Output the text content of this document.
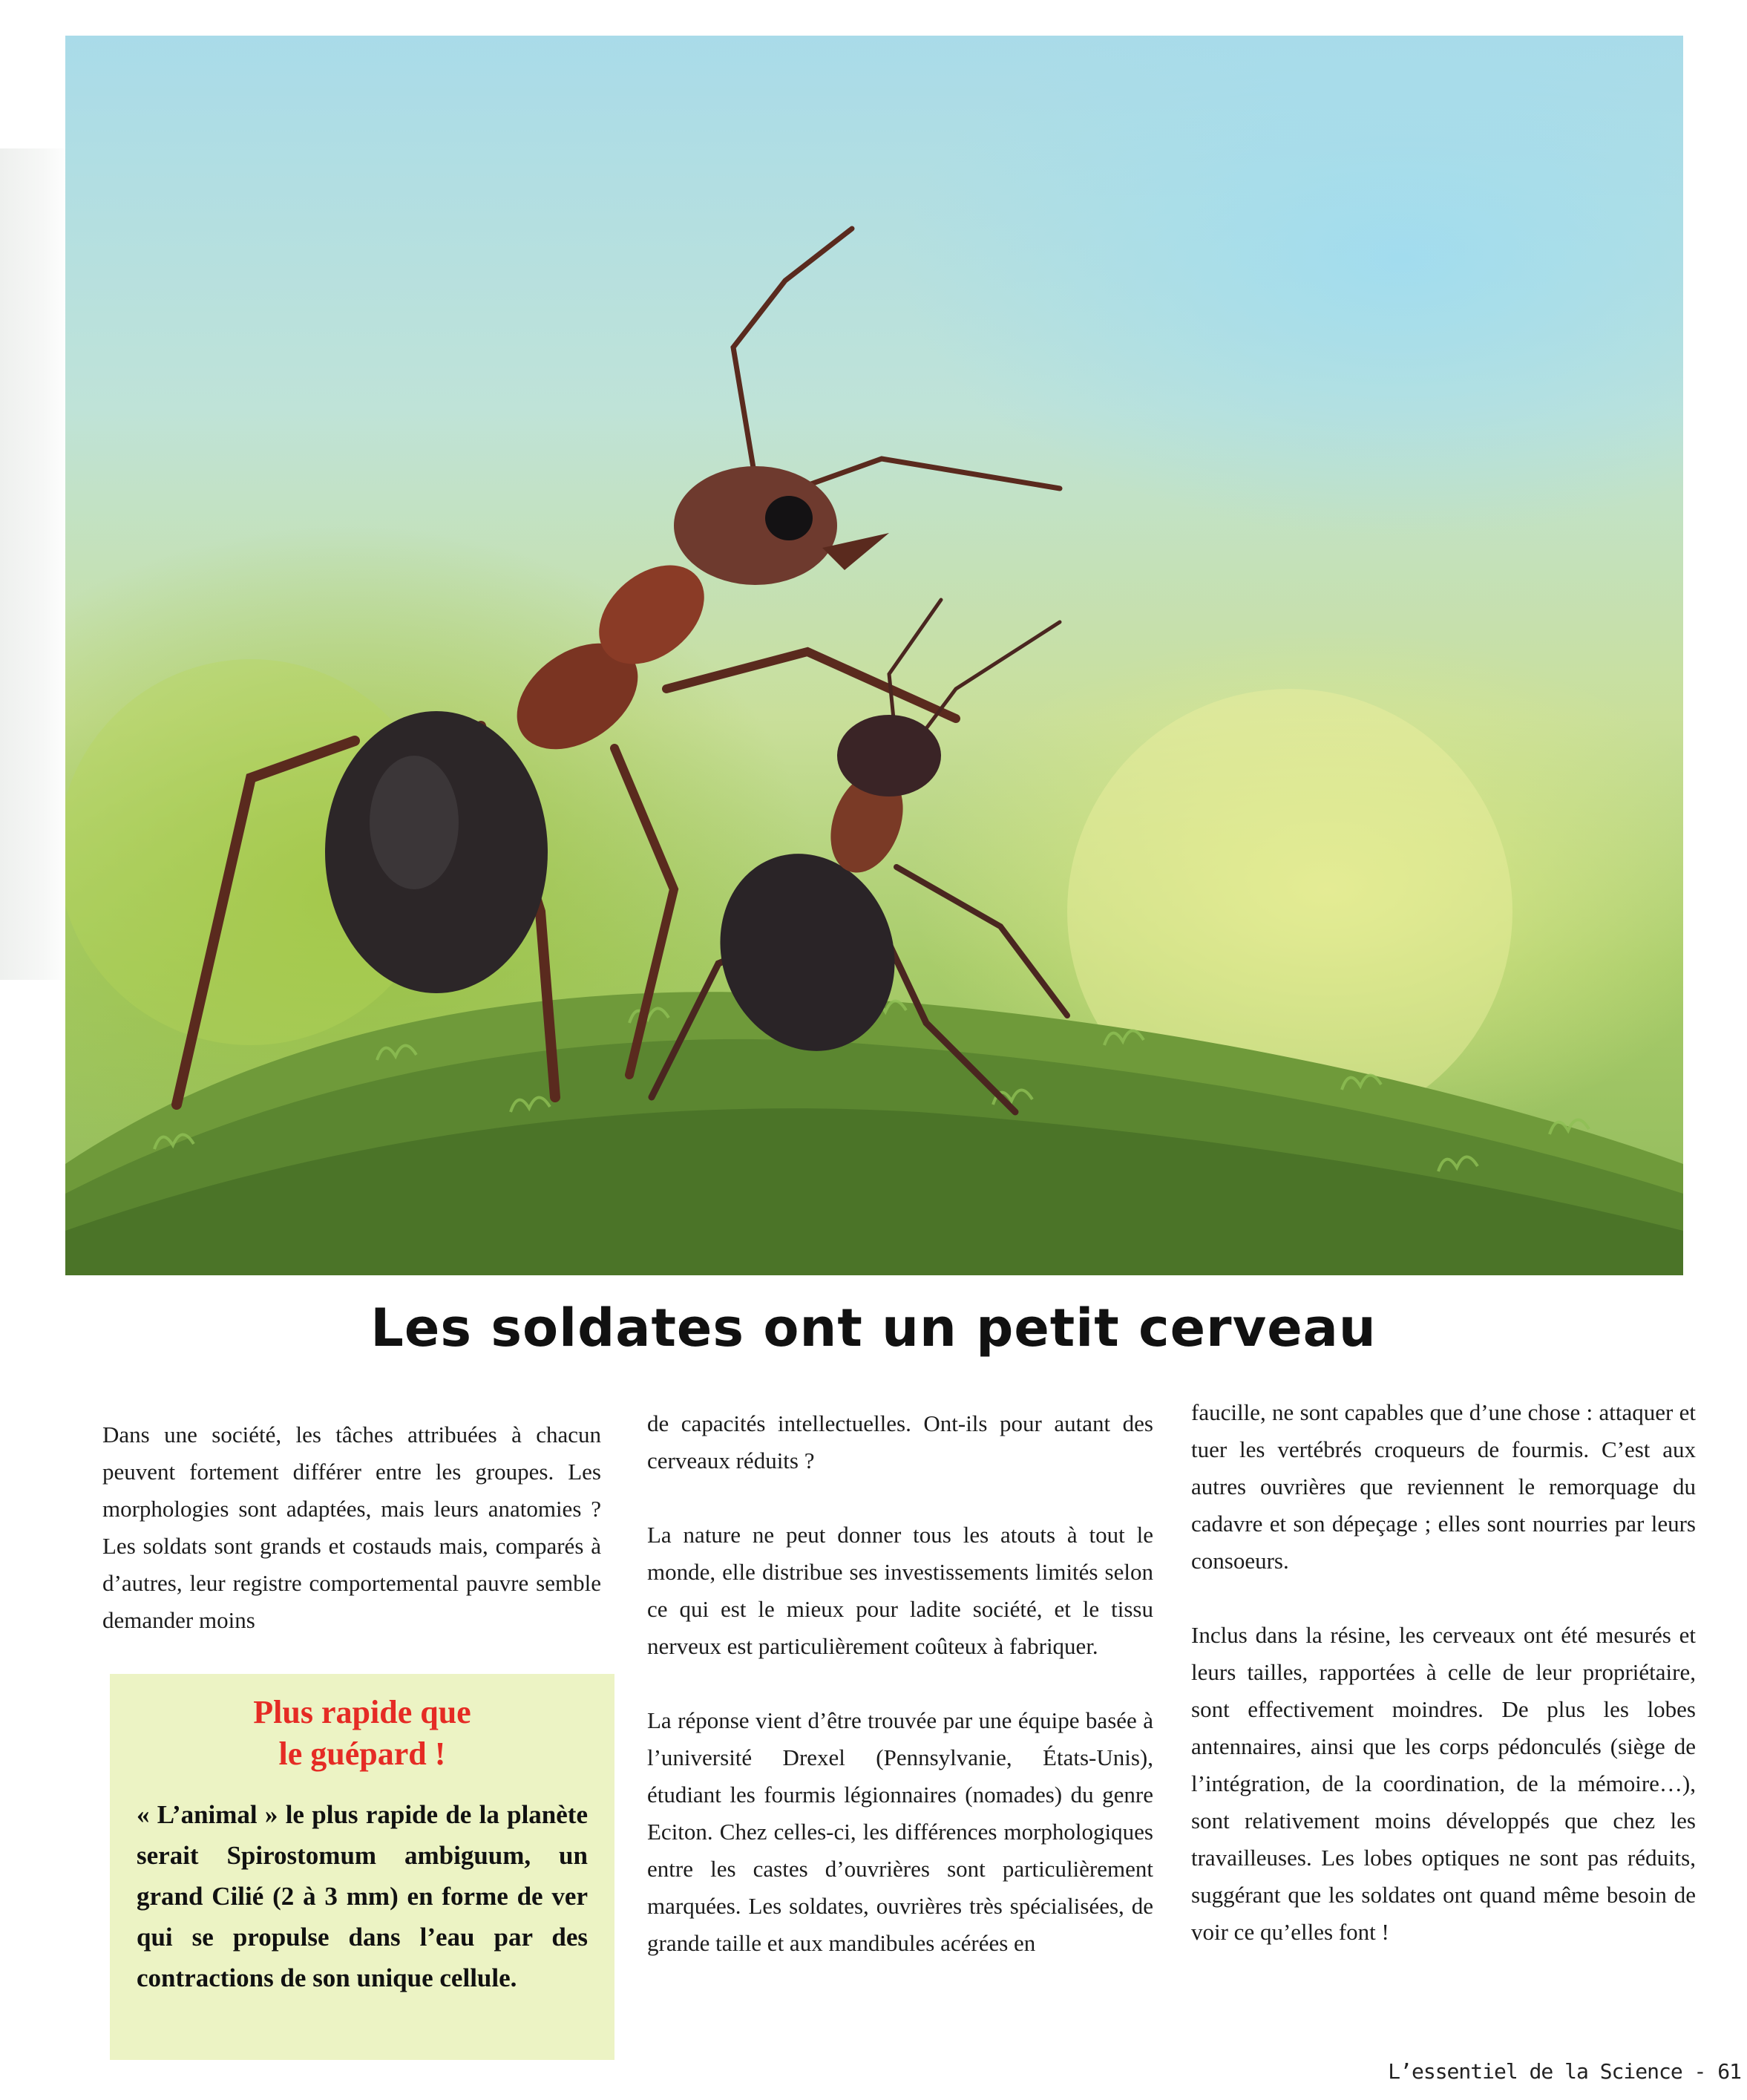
Les soldates ont un petit cerveau

Dans une société, les tâches attribuées à chacun peuvent fortement différer entre les groupes. Les morphologies sont adaptées, mais leurs anatomies ? Les soldats sont grands et costauds mais, comparés à d’autres, leur registre comportemental pauvre semble demander moins

Plus rapide que
le guépard !

« L’animal » le plus rapide de la planète serait Spirostomum ambiguum, un grand Cilié (2 à 3 mm) en forme de ver qui se propulse dans l’eau par des contractions de son unique cellule.

de capacités intellectuelles. Ont-ils pour autant des cerveaux réduits ?

La nature ne peut donner tous les atouts à tout le monde, elle distribue ses investissements limités selon ce qui est le mieux pour ladite société, et le tissu nerveux est particulièrement coûteux à fabriquer.

La réponse vient d’être trouvée par une équipe basée à l’université Drexel (Pennsylvanie, États-Unis), étudiant les fourmis légionnaires (nomades) du genre Eciton. Chez celles-ci, les différences morphologiques entre les castes d’ouvrières sont particulièrement marquées. Les soldates, ouvrières très spécialisées, de grande taille et aux mandibules acérées en

faucille, ne sont capables que d’une chose : attaquer et tuer les vertébrés croqueurs de fourmis. C’est aux autres ouvrières que reviennent le remorquage du cadavre et son dépeçage ; elles sont nourries par leurs consoeurs.

Inclus dans la résine, les cerveaux ont été mesurés et leurs tailles, rapportées à celle de leur propriétaire, sont effectivement moindres. De plus les lobes antennaires, ainsi que les corps pédonculés (siège de l’intégration, de la coordination, de la mémoire…), sont relativement moins développés que chez les travailleuses. Les lobes optiques ne sont pas réduits, suggérant que les soldates ont quand même besoin de voir ce qu’elles font !

L’essentiel de la Science - 61
